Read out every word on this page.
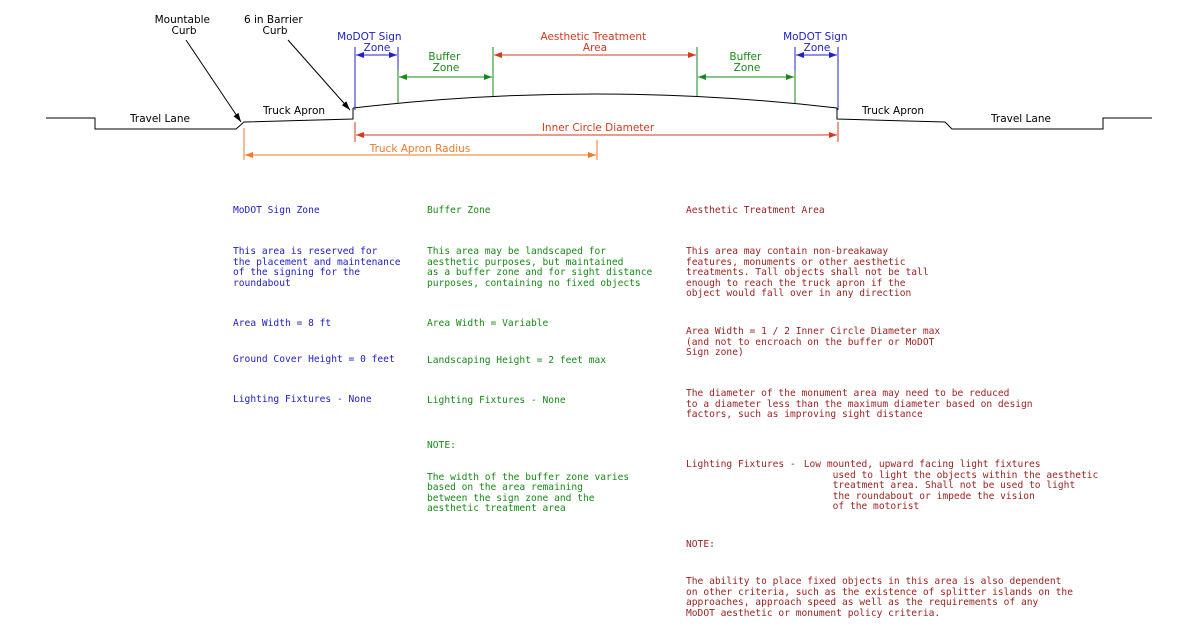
Mountable Curb
6 in Barrier Curb	MoDOT Sign Zone
Buffer Zone
Aesthetic Treatment Area
Buffer Zone
MoDOT Sign Zone
Travel Lane
Truck Apron	Truck Apron
Travel Lane
Inner Circle Diameter
Truck Apron Radius

MoDOT Sign Zone

This area is reserved for
the placement and maintenance
of the signing for the
roundabout

Area Width = 8 ft

Ground Cover Height = 0 feet

Lighting Fixtures - None

Buffer Zone

This area may be landscaped for
aesthetic purposes, but maintained
as a buffer zone and for sight distance
purposes, containing no fixed objects

Area Width = Variable

Landscaping Height = 2 feet max

Lighting Fixtures - None

NOTE:

The width of the buffer zone varies
based on the area remaining
between the sign zone and the
aesthetic treatment area

Aesthetic Treatment Area

This area may contain non-breakaway
features, monuments or other aesthetic
treatments. Tall objects shall not be tall
enough to reach the truck apron if the
object would fall over in any direction

Area Width = 1 / 2 Inner Circle Diameter max
(and not to encroach on the buffer or MoDOT
Sign zone)

The diameter of the monument area may need to be reduced
to a diameter less than the maximum diameter based on design
factors, such as improving sight distance

Lighting Fixtures - Low mounted, upward facing light fixtures
used to light the objects within the aesthetic
treatment area. Shall not be used to light
the roundabout or impede the vision
of the motorist

NOTE:

The ability to place fixed objects in this area is also dependent
on other criteria, such as the existence of splitter islands on the
approaches, approach speed as well as the requirements of any
MoDOT aesthetic or monument policy criteria.
